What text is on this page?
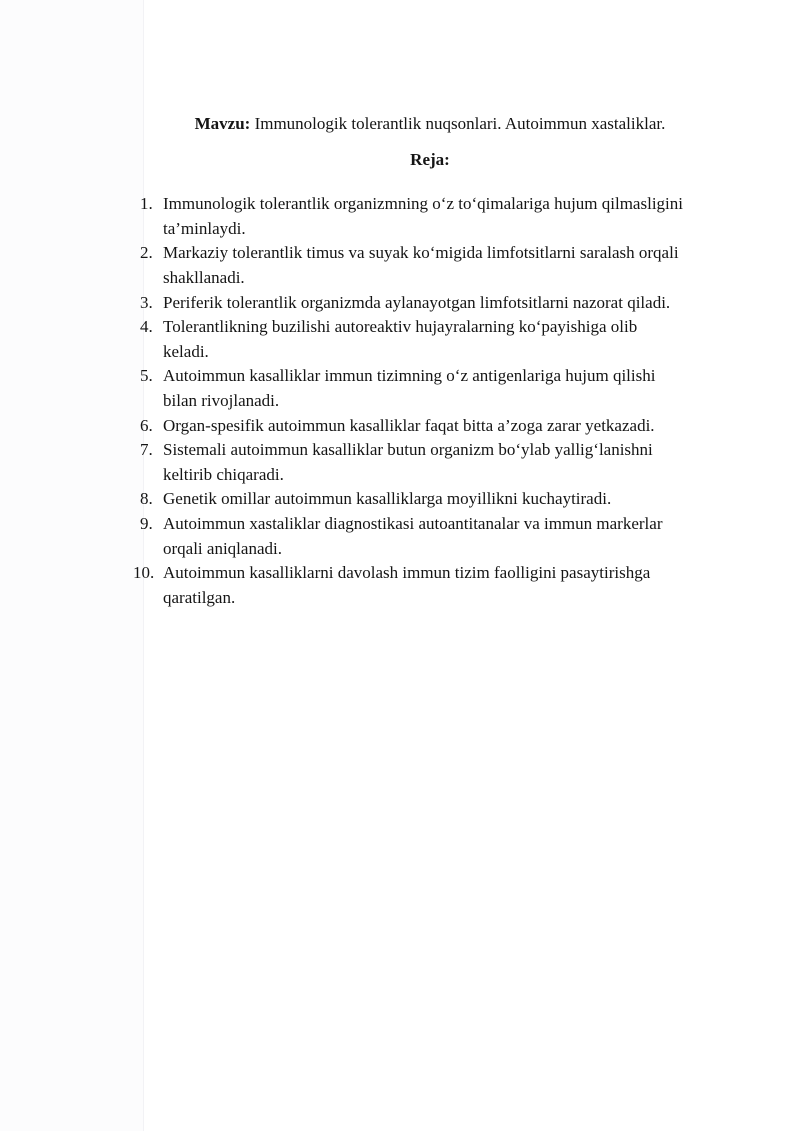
Mavzu: Immunologik tolerantlik nuqsonlari. Autoimmun xastaliklar.

Reja:

1. Immunologik tolerantlik organizmning oʻz toʻqimalariga hujum qilmasligini
ta’minlaydi.
2. Markaziy tolerantlik timus va suyak koʻmigida limfotsitlarni saralash orqali
shakllanadi.
3. Periferik tolerantlik organizmda aylanayotgan limfotsitlarni nazorat qiladi.
4. Tolerantlikning buzilishi autoreaktiv hujayralarning koʻpayishiga olib
keladi.
5. Autoimmun kasalliklar immun tizimning oʻz antigenlariga hujum qilishi
bilan rivojlanadi.
6. Organ-spesifik autoimmun kasalliklar faqat bitta a’zoga zarar yetkazadi.
7. Sistemali autoimmun kasalliklar butun organizm boʻylab yalligʻlanishni
keltirib chiqaradi.
8. Genetik omillar autoimmun kasalliklarga moyillikni kuchaytiradi.
9. Autoimmun xastaliklar diagnostikasi autoantitanalar va immun markerlar
orqali aniqlanadi.
10. Autoimmun kasalliklarni davolash immun tizim faolligini pasaytirishga
qaratilgan.
